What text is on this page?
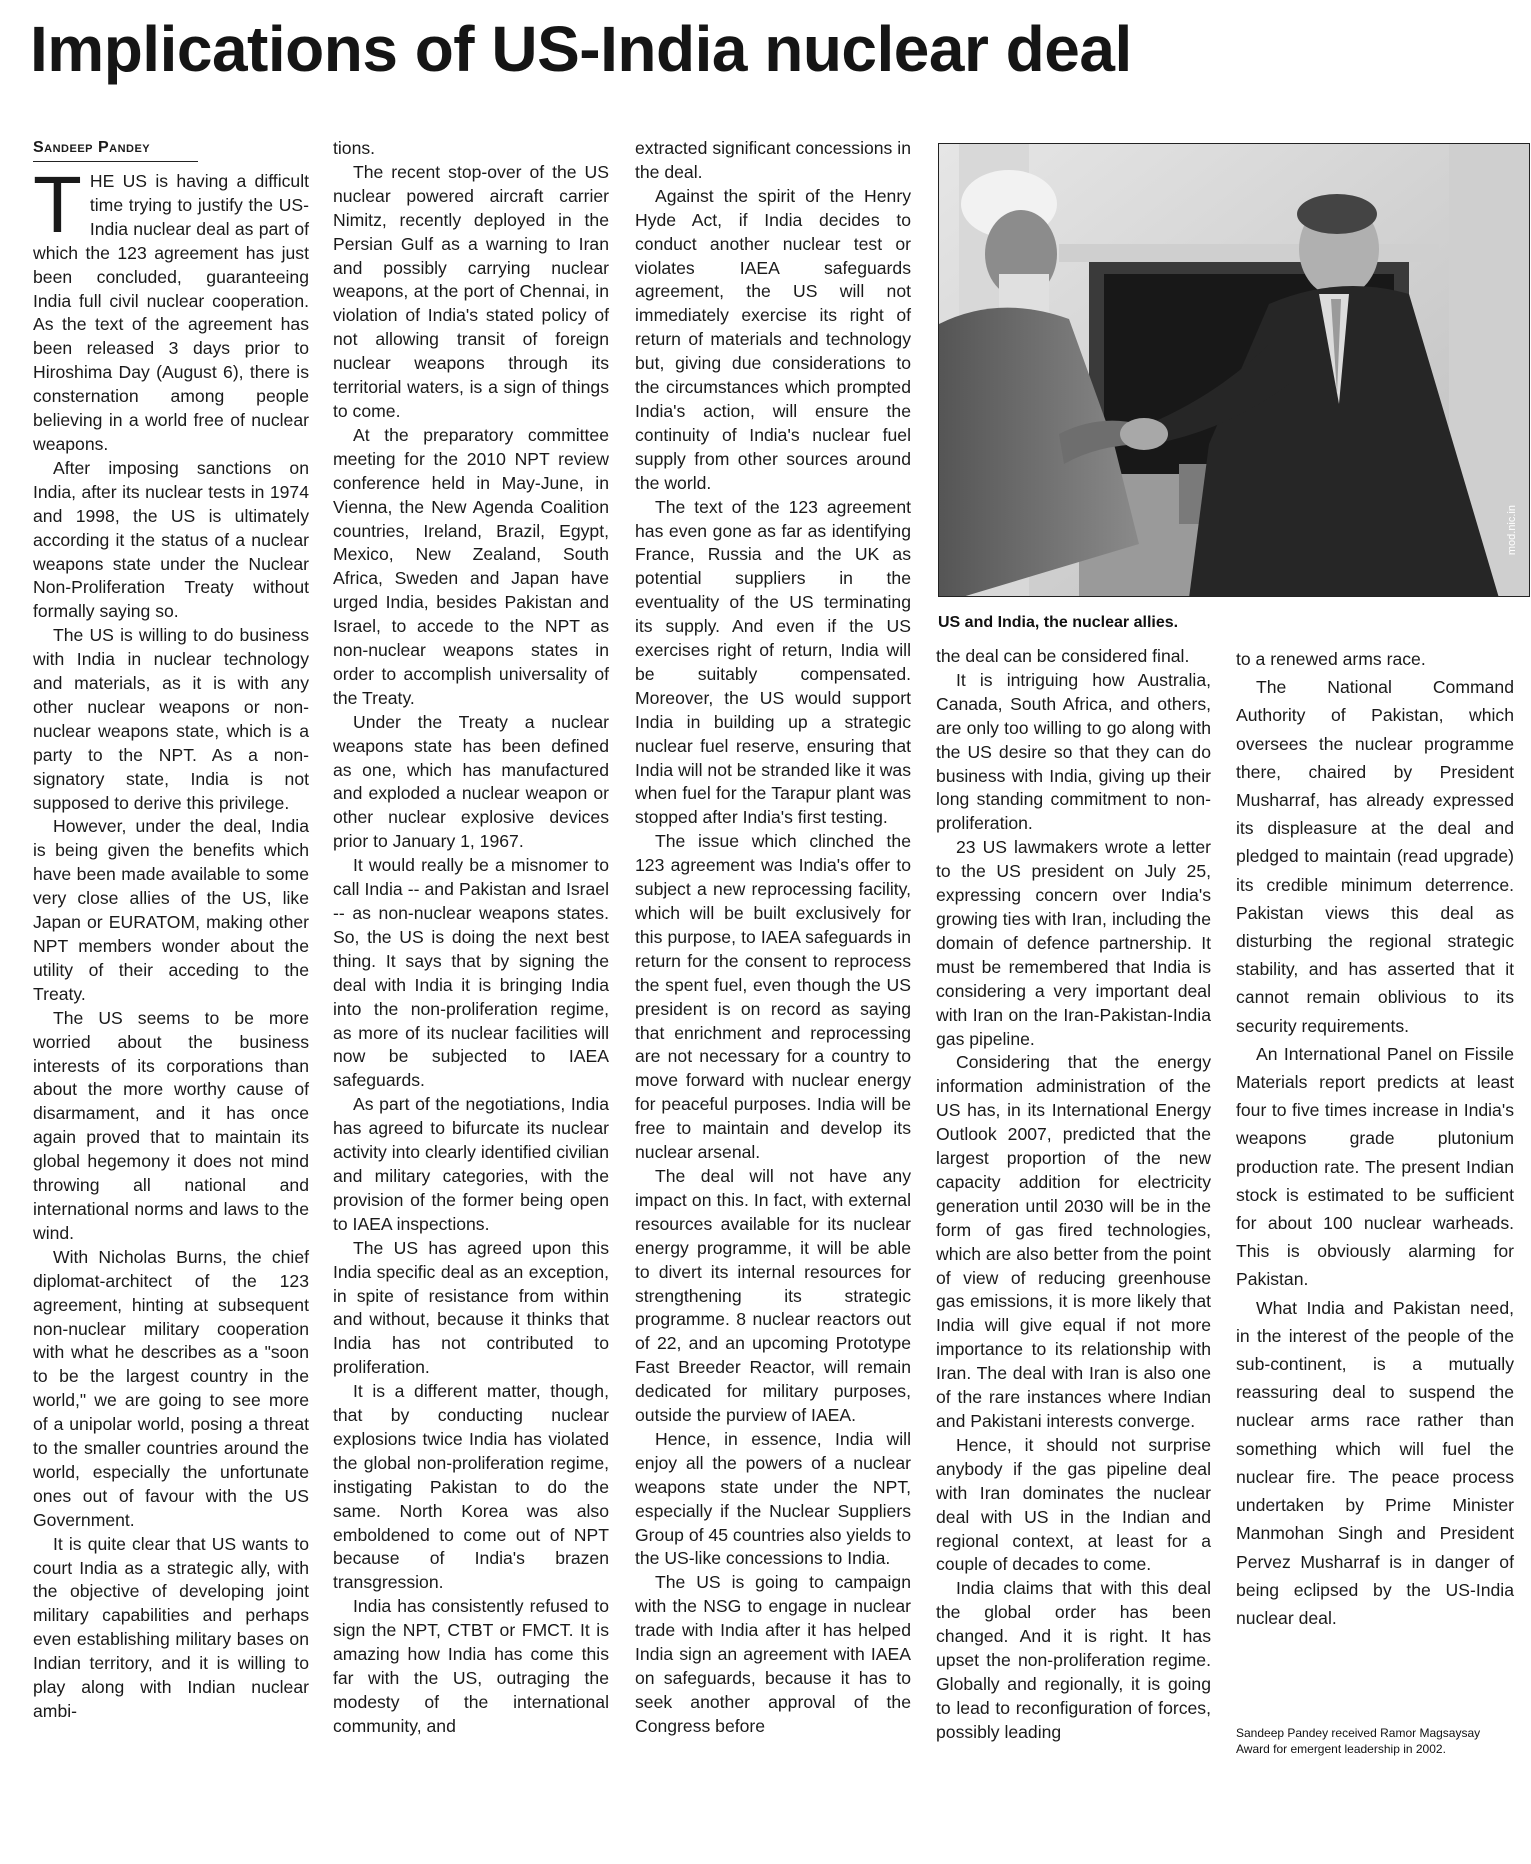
Implications of US-India nuclear deal
Sandeep Pandey

THE US is having a difficult time trying to justify the US-India nuclear deal as part of which the 123 agreement has just been concluded, guaranteeing India full civil nuclear cooperation. As the text of the agreement has been released 3 days prior to Hiroshima Day (August 6), there is consternation among people believing in a world free of nuclear weapons.

After imposing sanctions on India, after its nuclear tests in 1974 and 1998, the US is ultimately according it the status of a nuclear weapons state under the Nuclear Non-Proliferation Treaty without formally saying so.

The US is willing to do business with India in nuclear technology and materials, as it is with any other nuclear weapons or non-nuclear weapons state, which is a party to the NPT. As a non-signatory state, India is not supposed to derive this privilege.

However, under the deal, India is being given the benefits which have been made available to some very close allies of the US, like Japan or EURATOM, making other NPT members wonder about the utility of their acceding to the Treaty.

The US seems to be more worried about the business interests of its corporations than about the more worthy cause of disarmament, and it has once again proved that to maintain its global hegemony it does not mind throwing all national and international norms and laws to the wind.

With Nicholas Burns, the chief diplomat-architect of the 123 agreement, hinting at subsequent non-nuclear military cooperation with what he describes as a "soon to be the largest country in the world," we are going to see more of a unipolar world, posing a threat to the smaller countries around the world, especially the unfortunate ones out of favour with the US Government.

It is quite clear that US wants to court India as a strategic ally, with the objective of developing joint military capabilities and perhaps even establishing military bases on Indian territory, and it is willing to play along with Indian nuclear ambi-

tions.

The recent stop-over of the US nuclear powered aircraft carrier Nimitz, recently deployed in the Persian Gulf as a warning to Iran and possibly carrying nuclear weapons, at the port of Chennai, in violation of India's stated policy of not allowing transit of foreign nuclear weapons through its territorial waters, is a sign of things to come.

At the preparatory committee meeting for the 2010 NPT review conference held in May-June, in Vienna, the New Agenda Coalition countries, Ireland, Brazil, Egypt, Mexico, New Zealand, South Africa, Sweden and Japan have urged India, besides Pakistan and Israel, to accede to the NPT as non-nuclear weapons states in order to accomplish universality of the Treaty.

Under the Treaty a nuclear weapons state has been defined as one, which has manufactured and exploded a nuclear weapon or other nuclear explosive devices prior to January 1, 1967.

It would really be a misnomer to call India -- and Pakistan and Israel -- as non-nuclear weapons states. So, the US is doing the next best thing. It says that by signing the deal with India it is bringing India into the non-proliferation regime, as more of its nuclear facilities will now be subjected to IAEA safeguards.

As part of the negotiations, India has agreed to bifurcate its nuclear activity into clearly identified civilian and military categories, with the provision of the former being open to IAEA inspections.

The US has agreed upon this India specific deal as an exception, in spite of resistance from within and without, because it thinks that India has not contributed to proliferation.

It is a different matter, though, that by conducting nuclear explosions twice India has violated the global non-proliferation regime, instigating Pakistan to do the same. North Korea was also emboldened to come out of NPT because of India's brazen transgression.

India has consistently refused to sign the NPT, CTBT or FMCT. It is amazing how India has come this far with the US, outraging the modesty of the international community, and

extracted significant concessions in the deal.

Against the spirit of the Henry Hyde Act, if India decides to conduct another nuclear test or violates IAEA safeguards agreement, the US will not immediately exercise its right of return of materials and technology but, giving due considerations to the circumstances which prompted India's action, will ensure the continuity of India's nuclear fuel supply from other sources around the world.

The text of the 123 agreement has even gone as far as identifying France, Russia and the UK as potential suppliers in the eventuality of the US terminating its supply. And even if the US exercises right of return, India will be suitably compensated. Moreover, the US would support India in building up a strategic nuclear fuel reserve, ensuring that India will not be stranded like it was when fuel for the Tarapur plant was stopped after India's first testing.

The issue which clinched the 123 agreement was India's offer to subject a new reprocessing facility, which will be built exclusively for this purpose, to IAEA safeguards in return for the consent to reprocess the spent fuel, even though the US president is on record as saying that enrichment and reprocessing are not necessary for a country to move forward with nuclear energy for peaceful purposes. India will be free to maintain and develop its nuclear arsenal.

The deal will not have any impact on this. In fact, with external resources available for its nuclear energy programme, it will be able to divert its internal resources for strengthening its strategic programme. 8 nuclear reactors out of 22, and an upcoming Prototype Fast Breeder Reactor, will remain dedicated for military purposes, outside the purview of IAEA.

Hence, in essence, India will enjoy all the powers of a nuclear weapons state under the NPT, especially if the Nuclear Suppliers Group of 45 countries also yields to the US-like concessions to India.

The US is going to campaign with the NSG to engage in nuclear trade with India after it has helped India sign an agreement with IAEA on safeguards, because it has to seek another approval of the Congress before

mod.nic.in

US and India, the nuclear allies.

the deal can be considered final.

It is intriguing how Australia, Canada, South Africa, and others, are only too willing to go along with the US desire so that they can do business with India, giving up their long standing commitment to non-proliferation.

23 US lawmakers wrote a letter to the US president on July 25, expressing concern over India's growing ties with Iran, including the domain of defence partnership. It must be remembered that India is considering a very important deal with Iran on the Iran-Pakistan-India gas pipeline.

Considering that the energy information administration of the US has, in its International Energy Outlook 2007, predicted that the largest proportion of the new capacity addition for electricity generation until 2030 will be in the form of gas fired technologies, which are also better from the point of view of reducing greenhouse gas emissions, it is more likely that India will give equal if not more importance to its relationship with Iran. The deal with Iran is also one of the rare instances where Indian and Pakistani interests converge.

Hence, it should not surprise anybody if the gas pipeline deal with Iran dominates the nuclear deal with US in the Indian and regional context, at least for a couple of decades to come.

India claims that with this deal the global order has been changed. And it is right. It has upset the non-proliferation regime. Globally and regionally, it is going to lead to reconfiguration of forces, possibly leading

to a renewed arms race.

The National Command Authority of Pakistan, which oversees the nuclear programme there, chaired by President Musharraf, has already expressed its displeasure at the deal and pledged to maintain (read upgrade) its credible minimum deterrence. Pakistan views this deal as disturbing the regional strategic stability, and has asserted that it cannot remain oblivious to its security requirements.

An International Panel on Fissile Materials report predicts at least four to five times increase in India's weapons grade plutonium production rate. The present Indian stock is estimated to be sufficient for about 100 nuclear warheads. This is obviously alarming for Pakistan.

What India and Pakistan need, in the interest of the people of the sub-continent, is a mutually reassuring deal to suspend the nuclear arms race rather than something which will fuel the nuclear fire. The peace process undertaken by Prime Minister Manmohan Singh and President Pervez Musharraf is in danger of being eclipsed by the US-India nuclear deal.

Sandeep Pandey received Ramor Magsaysay Award for emergent leadership in 2002.
